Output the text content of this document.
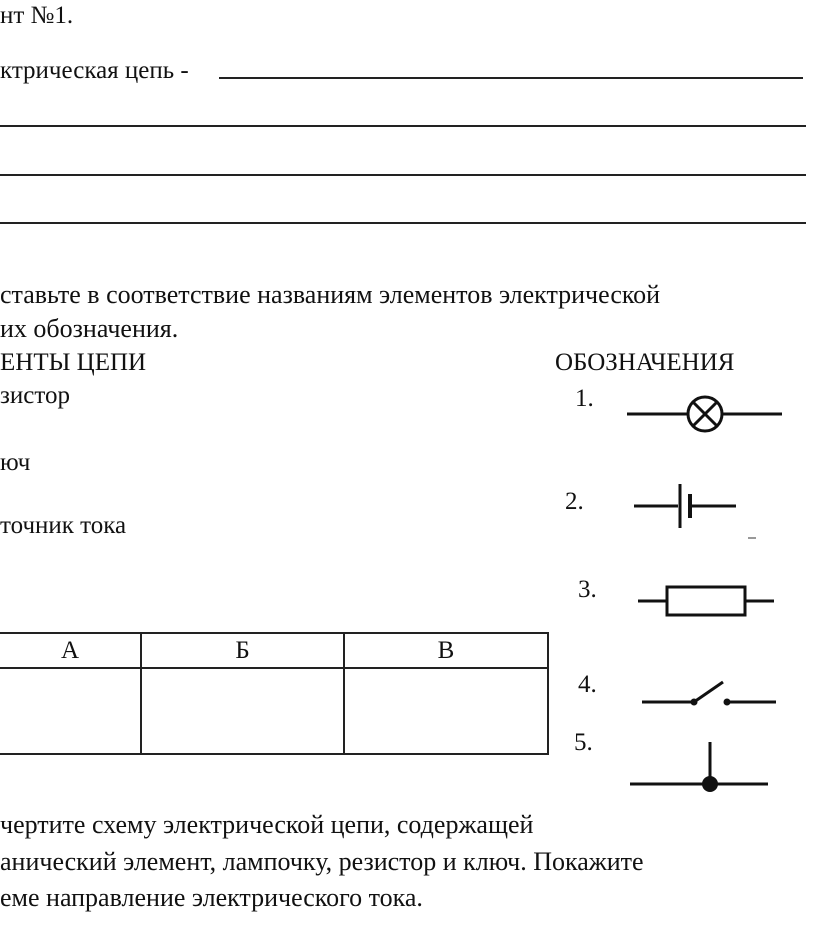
нт №1.
ктрическая цепь -
ставьте в соответствие названиям элементов электрической
их обозначения.
ЕНТЫ ЦЕПИ	ОБОЗНАЧЕНИЯ
зистор
юч
точник тока
1.
2.
3.
4.
5.
А	Б	В

чертите схему электрической цепи, содержащей
анический элемент, лампочку, резистор и ключ. Покажите
еме направление электрического тока.
